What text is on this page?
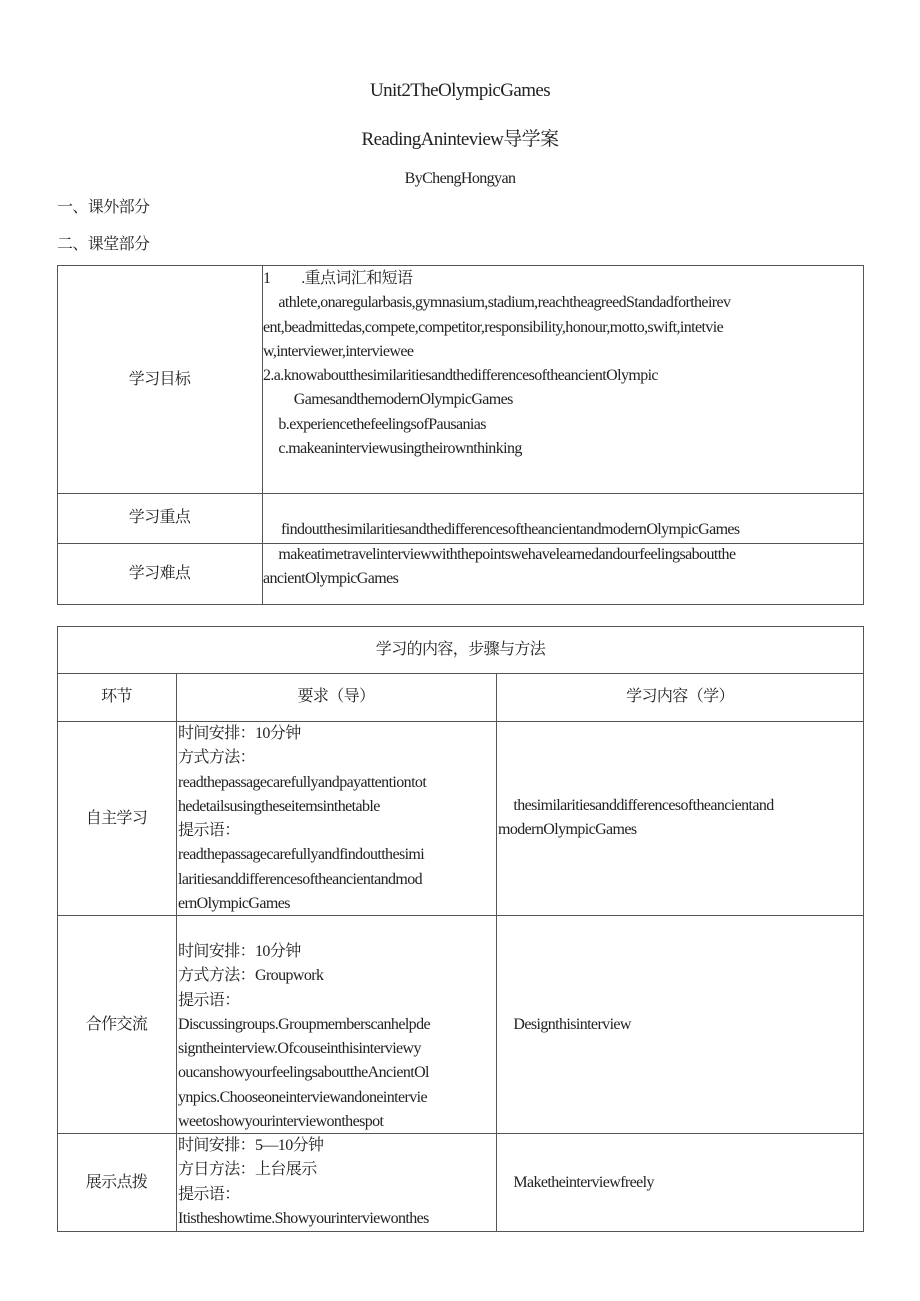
Unit2TheOlympicGames
ReadingAninteview导学案
ByChengHongyan
一、课外部分
二、课堂部分
学习目标
1　　.重点词汇和短语
　athlete,onaregularbasis,gymnasium,stadium,reachtheagreedStandadfortheirev
ent,beadmittedas,compete,competitor,responsibility,honour,motto,swift,intetvie
w,interviewer,interviewee
2.a.knowaboutthesimilaritiesandthedifferencesoftheancientOlympic
　　GamesandthemodernOlympicGames
　b.experiencethefeelingsofPausanias
　c.makeaninterviewusingtheirownthinking
学习重点
findoutthesimilaritiesandthedifferencesoftheancientandmodernOlympicGames
学习难点
　makeatimetravelinterviewwiththepointswehavelearnedandourfeelingsaboutthe
ancientOlympicGames
学习的内容，步骤与方法
环节	要求（导）	学习内容（学）
自主学习
时间安排：10分钟
方式方法：
readthepassagecarefullyandpayattentiontot
hedetailsusingtheseitemsinthetable
提示语：
readthepassagecarefullyandfindoutthesimi
laritiesanddifferencesoftheancientandmod
ernOlympicGames
　thesimilaritiesanddifferencesoftheancientand
modernOlympicGames
合作交流
时间安排：10分钟
方式方法：Groupwork
提示语：
Discussingroups.Groupmemberscanhelpde
signtheinterview.Ofcouseinthisinterviewy
oucanshowyourfeelingsabouttheAncientOl
ynpics.Chooseoneinterviewandoneintervie
weetoshowyourinterviewonthespot
　Designthisinterview
展示点拨
时间安排：5—10分钟
方日方法：上台展示
提示语：
Itistheshowtime.Showyourinterviewonthes
　Maketheinterviewfreely
